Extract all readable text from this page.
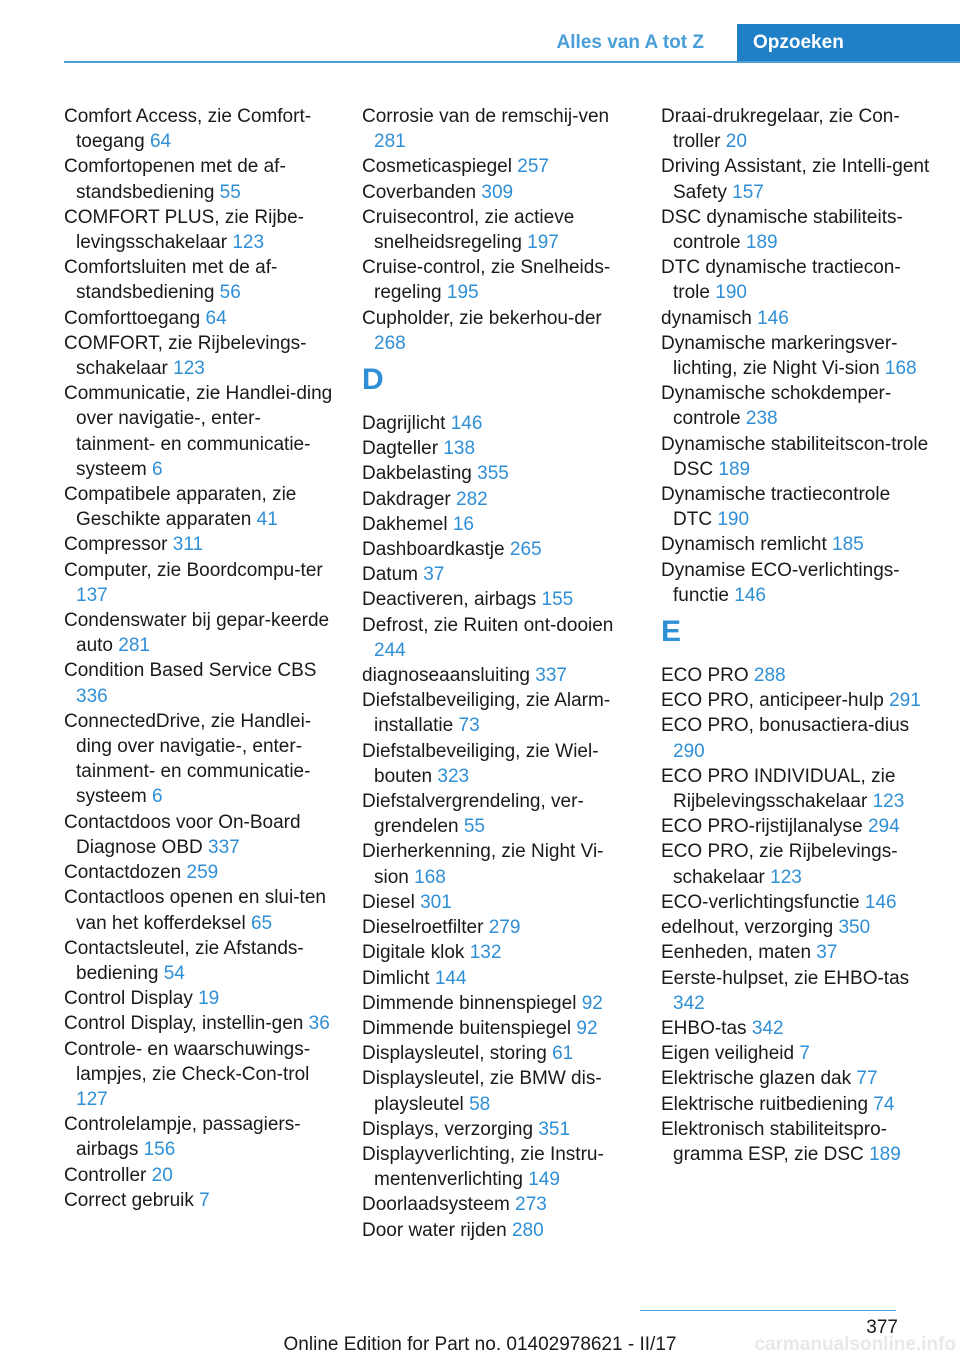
Alles van A tot Z	Opzoeken
Comfort Access, zie Comfort-toegang 64
Comfortopenen met de af-standsbediening 55
COMFORT PLUS, zie Rijbe-levingsschakelaar 123
Comfortsluiten met de af-standsbediening 56
Comforttoegang 64
COMFORT, zie Rijbelevings-schakelaar 123
Communicatie, zie Handlei-ding over navigatie-, enter-tainment- en communicatie-systeem 6
Compatibele apparaten, zie Geschikte apparaten 41
Compressor 311
Computer, zie Boordcompu-ter 137
Condenswater bij gepar-keerde auto 281
Condition Based Service CBS 336
ConnectedDrive, zie Handlei-ding over navigatie-, enter-tainment- en communicatie-systeem 6
Contactdoos voor On-Board Diagnose OBD 337
Contactdozen 259
Contactloos openen en slui-ten van het kofferdeksel 65
Contactsleutel, zie Afstands-bediening 54
Control Display 19
Control Display, instellin-gen 36
Controle- en waarschuwings-lampjes, zie Check-Con-trol 127
Controlelampje, passagiers-airbags 156
Controller 20
Correct gebruik 7
Corrosie van de remschij-ven 281
Cosmeticaspiegel 257
Coverbanden 309
Cruisecontrol, zie actieve snelheidsregeling 197
Cruise-control, zie Snelheids-regeling 195
Cupholder, zie bekerhou-der 268
D
Dagrijlicht 146
Dagteller 138
Dakbelasting 355
Dakdrager 282
Dakhemel 16
Dashboardkastje 265
Datum 37
Deactiveren, airbags 155
Defrost, zie Ruiten ont-dooien 244
diagnoseaansluiting 337
Diefstalbeveiliging, zie Alarm-installatie 73
Diefstalbeveiliging, zie Wiel-bouten 323
Diefstalvergrendeling, ver-grendelen 55
Dierherkenning, zie Night Vi-sion 168
Diesel 301
Dieselroetfilter 279
Digitale klok 132
Dimlicht 144
Dimmende binnenspiegel 92
Dimmende buitenspiegel 92
Displaysleutel, storing 61
Displaysleutel, zie BMW dis-playsleutel 58
Displays, verzorging 351
Displayverlichting, zie Instru-mentenverlichting 149
Doorlaadsysteem 273
Door water rijden 280
Draai-drukregelaar, zie Con-troller 20
Driving Assistant, zie Intelli-gent Safety 157
DSC dynamische stabiliteits-controle 189
DTC dynamische tractiecon-trole 190
dynamisch 146
Dynamische markeringsver-lichting, zie Night Vi-sion 168
Dynamische schokdemper-controle 238
Dynamische stabiliteitscon-trole DSC 189
Dynamische tractiecontrole DTC 190
Dynamisch remlicht 185
Dynamise ECO-verlichtings-functie 146
E
ECO PRO 288
ECO PRO, anticipeer-hulp 291
ECO PRO, bonusactiera-dius 290
ECO PRO INDIVIDUAL, zie Rijbelevingsschakelaar 123
ECO PRO-rijstijlanalyse 294
ECO PRO, zie Rijbelevings-schakelaar 123
ECO-verlichtingsfunctie 146
edelhout, verzorging 350
Eenheden, maten 37
Eerste-hulpset, zie EHBO-tas 342
EHBO-tas 342
Eigen veiligheid 7
Elektrische glazen dak 77
Elektrische ruitbediening 74
Elektronisch stabiliteitspro-gramma ESP, zie DSC 189
377
carmanualsonline.info
Online Edition for Part no. 01402978621 - II/17
